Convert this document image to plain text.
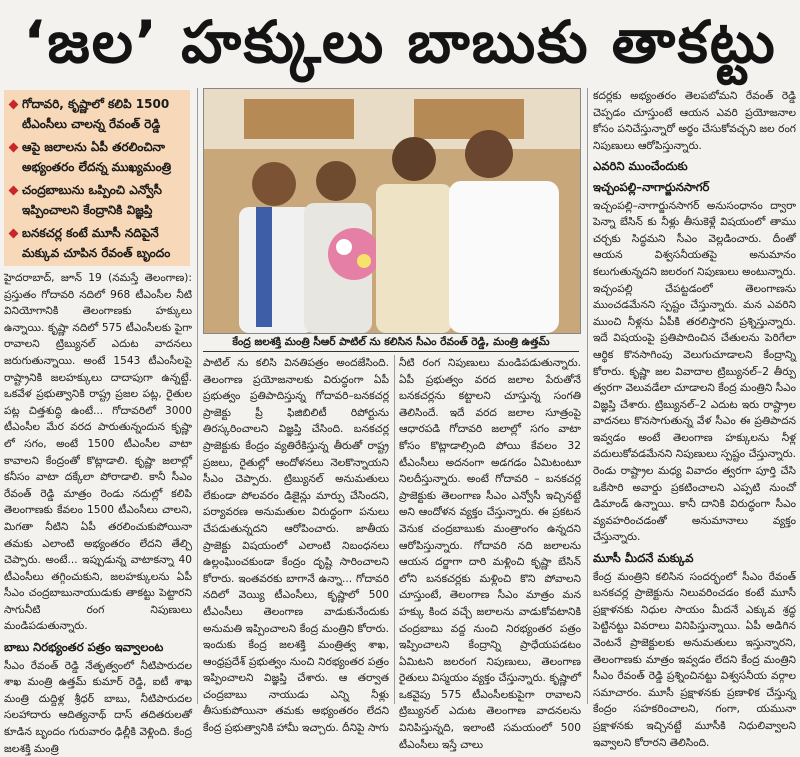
‘జల’ హక్కులు బాబుకు తాకట్టు
గోదావరి, కృష్ణాలో కలిపి 1500 టీఎంసీలు చాలన్న రేవంత్ రెడ్డి
ఆపై జలాలను ఏపీ తరలించినా అభ్యంతరం లేదన్న ముఖ్యమంత్రి
చంద్రబాబును ఒప్పించి ఎన్వోసీ ఇప్పించాలని కేంద్రానికి విజ్ఞప్తి
బనకచర్ల కంటే మూసీ నదిపైనే మక్కువ చూపిన రేవంత్ బృందం

హైదరాబాద్, జూన్ 19 (నమస్తే తెలంగాణ): ప్రస్తుతం గోదావరి నదిలో 968 టీఎంసీల నీటి వినియోగానికి తెలంగాణకు హక్కులు ఉన్నాయి. కృష్ణా నదిలో 575 టీఎంసీలకు పైగా రావాలని ట్రిబ్యునల్ ఎదుట వాదనలు జరుగుతున్నాయి. అంటే 1543 టీఎంసీలపై రాష్ట్రానికి జలహక్కులు దాదాపుగా ఉన్నట్టే. ఒకవేళ ప్రభుత్వానికి రాష్ట్ర ప్రజల పట్ల, రైతుల పట్ల చిత్తశుద్ధి ఉంటే... గోదావరిలో 3000 టీఎంసీల మేర వరద పారుతున్నందున కృష్ణా లో సగం, అంటే 1500 టీఎంసీల వాటా కావాలని కేంద్రంతో కొట్లాడాలి. కృష్ణా జలాల్లో కనీసం వాటా దక్కేలా పోరాడాలి. కానీ సీఎం రేవంత్ రెడ్డి మాత్రం రెండు నదుల్లో కలిపి తెలంగాణకు కేవలం 1500 టీఎంసీలు చాలని, మిగతా నీటిని ఏపీ తరలించుకుపోయినా తమకు ఎలాంటి అభ్యంతరం లేదని తేల్చి చెప్పారు. అంటే... ఇప్పుడున్న వాటాకన్నా 40 టీఎంసీలు తగ్గించుకుని, జలహక్కులను ఏపీ సీఎం చంద్రబాబునాయుడుకు తాకట్టు పెట్టారని సాగునీటి రంగ నిపుణులు మండిపడుతున్నారు.

బాబు నిరభ్యంతర పత్రం ఇవ్వాలంట

సీఎం రేవంత్ రెడ్డి నేతృత్వంలో నీటిపారుదల శాఖ మంత్రి ఉత్తమ్ కుమార్ రెడ్డి, ఐటీ శాఖ మంత్రి దుద్దిళ్ల శ్రీధర్ బాబు, నీటిపారుదల సలహాదారు ఆదిత్యనాథ్ దాస్ తదితరులతో కూడిన బృందం గురువారం ఢిల్లీకి వెళ్లింది. కేంద్ర జలశక్తి మంత్రి

కేంద్ర జలశక్తి మంత్రి సీఆర్ పాటిల్ ను కలిసిన సీఎం రేవంత్ రెడ్డి, మంత్రి ఉత్తమ్

పాటిల్ ను కలిసి వినతిపత్రం అందజేసింది. తెలంగాణ ప్రయోజనాలకు విరుద్ధంగా ఏపీ ప్రభుత్వం ప్రతిపాదిస్తున్న గోదావరి–బనకచర్ల ప్రాజెక్టు ప్రీ ఫిజిబిలిటీ రిపోర్టును తిరస్కరించాలని విజ్ఞప్తి చేసింది. బనకచర్ల ప్రాజెక్టుకు కేంద్రం వ్యతిరేకిస్తున్న తీరుతో రాష్ట్ర ప్రజలు, రైతుల్లో ఆందోళనలు నెలకొన్నాయని సీఎం చెప్పారు. ట్రిబ్యునల్ అనుమతులు లేకుండా పోలవరం డిజైన్లు మార్పు చేసిందని, పర్యావరణ అనుమతుల విరుద్ధంగా పనులు చేపడుతున్నదని ఆరోపించారు. జాతీయ ప్రాజెక్టు విషయంలో ఎలాంటి నిబంధనలు ఉల్లంఘించకుండా కేంద్రం దృష్టి సారించాలని కోరారు. ఇంతవరకు బాగానే ఉన్నా... గోదావరి నదిలో వెయ్యి టీఎంసీలు, కృష్ణాలో 500 టీఎంసీలు తెలంగాణ వాడుకునేందుకు అనుమతి ఇప్పించాలని కేంద్ర మంత్రిని కోరారు. ఇందుకు కేంద్ర జలశక్తి మంత్రిత్వ శాఖ, ఆంధ్రప్రదేశ్ ప్రభుత్వం నుంచి నిరభ్యంతర పత్రం ఇప్పించాలని విజ్ఞప్తి చేశారు. ఆ తర్వాత చంద్రబాబు నాయుడు ఎన్ని నీళ్లు తీసుకుపోయినా తమకు అభ్యంతరం లేదని కేంద్ర ప్రభుత్వానికి హామీ ఇచ్చారు. దీనిపై సాగు

నీటి రంగ నిపుణులు మండిపడుతున్నారు. ఏపీ ప్రభుత్వం వరద జలాల పేరుతోనే బనకచర్లను కట్టాలని చూస్తున్న సంగతి తెలిసిందే. ఇదే వరద జలాల సూత్రంపై ఆధారపడి గోదావరి జలాల్లో సగం వాటా కోసం కొట్లాడాల్సింది పోయి కేవలం 32 టీఎంసీలు అదనంగా అడగడం ఏమిటంటూ నిలదీస్తున్నారు. అంటే గోదావరి – బనకచర్ల ప్రాజెక్టుకు తెలంగాణ సీఎం ఎన్వోసీ ఇచ్చినట్టే అని ఆందోళన వ్యక్తం చేస్తున్నారు. ఈ ప్రకటన వెనుక చంద్రబాబుకు మంత్రాంగం ఉన్నదని ఆరోపిస్తున్నారు. గోదావరి నది జలాలను ఆయన దర్జాగా దారి మళ్లించి కృష్ణా బేసిన్ లోని బనకచర్లకు మళ్లించి కొని పోవాలని చూస్తుంటే, తెలంగాణ సీఎం మాత్రం మన హక్కు కింద వచ్చే జలాలను వాడుకోవటానికి చంద్రబాబు వద్ద నుంచి నిరభ్యంతర పత్రం ఇప్పించాలని కేంద్రాన్ని ప్రాధేయపడటం ఏమిటని జలరంగ నిపుణులు, తెలంగాణ రైతులు విస్మయం వ్యక్తం చేస్తున్నారు. కృష్ణాలో ఒకవైపు 575 టీఎంసీలకుపైగా రావాలని ట్రిబ్యునల్ ఎదుట తెలంగాణ వాదనలను వినిపిస్తున్నది, ఇలాంటి సమయంలో 500 టీఎంసీలు ఇస్తే చాలు

కదర్లకు అభ్యంతరం తెలపబోమని రేవంత్ రెడ్డి చెప్పడం చూస్తుంటే ఆయన ఎవరి ప్రయోజనాల కోసం పనిచేస్తున్నారో అర్థం చేసుకోవచ్చని జల రంగ నిపుణులు ఆరోపిస్తున్నారు.

ఎవరిని ముంచేందుకు
ఇచ్చంపల్లి–నాగార్జునసాగర్

ఇచ్చంపల్లి–నాగార్జునసాగర్ అనుసంధానం ద్వారా పెన్నా బేసిన్ కు నీళ్లు తీసుకెళ్లే విషయంలో తాము చర్చకు సిద్ధమని సీఎం వెల్లడించారు. దీంతో ఆయన విశ్వసనీయతపై అనుమానం కలుగుతున్నదని జలరంగ నిపుణులు అంటున్నారు. ఇచ్చంపల్లి చేపట్టడంలో తెలంగాణను ముంచడమేనని స్పష్టం చేస్తున్నారు. మన ఎవరిని ముంచి నీళ్లను ఏపీకి తరలిస్తారని ప్రశ్నిస్తున్నారు. ఇదే విషయంపై ప్రతిపాదించిన చేతులను పెరిగేలా ఆర్థిక కొనసాగింపు వెలుగుచూడాలని కేంద్రాన్ని కోరారు. కృష్ణా జల వివాదాల ట్రిబ్యునల్–2 తీర్పు త్వరగా వెలువడేలా చూడాలని కేంద్ర మంత్రిని సీఎం విజ్ఞప్తి చేశారు. ట్రిబ్యునల్–2 ఎదుట ఇరు రాష్ట్రాల వాదనలు కొనసాగుతున్న వేళ సీఎం ఈ ప్రతిపాదన ఇవ్వడం అంటే తెలంగాణ హక్కులను నీళ్ల వదులుకోవడమేనని నిపుణులు స్పష్టం చేస్తున్నారు. రెండు రాష్ట్రాల మధ్య వివాదం త్వరగా పూర్తి చేసి ఒకేసారి అవార్డు ప్రకటించాలని ఎప్పటి నుంచో డిమాండ్ ఉన్నాయి. కానీ దానికి విరుద్ధంగా సీఎం వ్యవహరించడంతో అనుమానాలు వ్యక్తం చేస్తున్నారు.

మూసీ మీదనే మక్కువ

కేంద్ర మంత్రిని కలిసిన సందర్భంలో సీఎం రేవంత్ బనకచర్ల ప్రాజెక్టును నిలువరించడం కంటే మూసీ ప్రక్షాళనకు నిధుల సాయం మీదనే ఎక్కువ శ్రద్ధ పెట్టినట్టు వివరాలు వినిపిస్తున్నాయి. ఏపీ అడిగిన వెంటనే ప్రాజెక్టులకు అనుమతులు ఇస్తున్నారని, తెలంగాణకు మాత్రం ఇవ్వడం లేదని కేంద్ర మంత్రిని సీఎం రేవంత్ రెడ్డి ప్రశ్నించినట్టు విశ్వసనీయ వర్గాల సమాచారం. మూసీ ప్రక్షాళనకు ప్రణాళిక చేస్తున్న కేంద్రం సహకరించాలని, గంగా, యమునా ప్రక్షాళనకు ఇచ్చినట్టే మూసీకి నిధులివ్వాలని ఇవ్వాలని కోరారని తెలిసింది.
